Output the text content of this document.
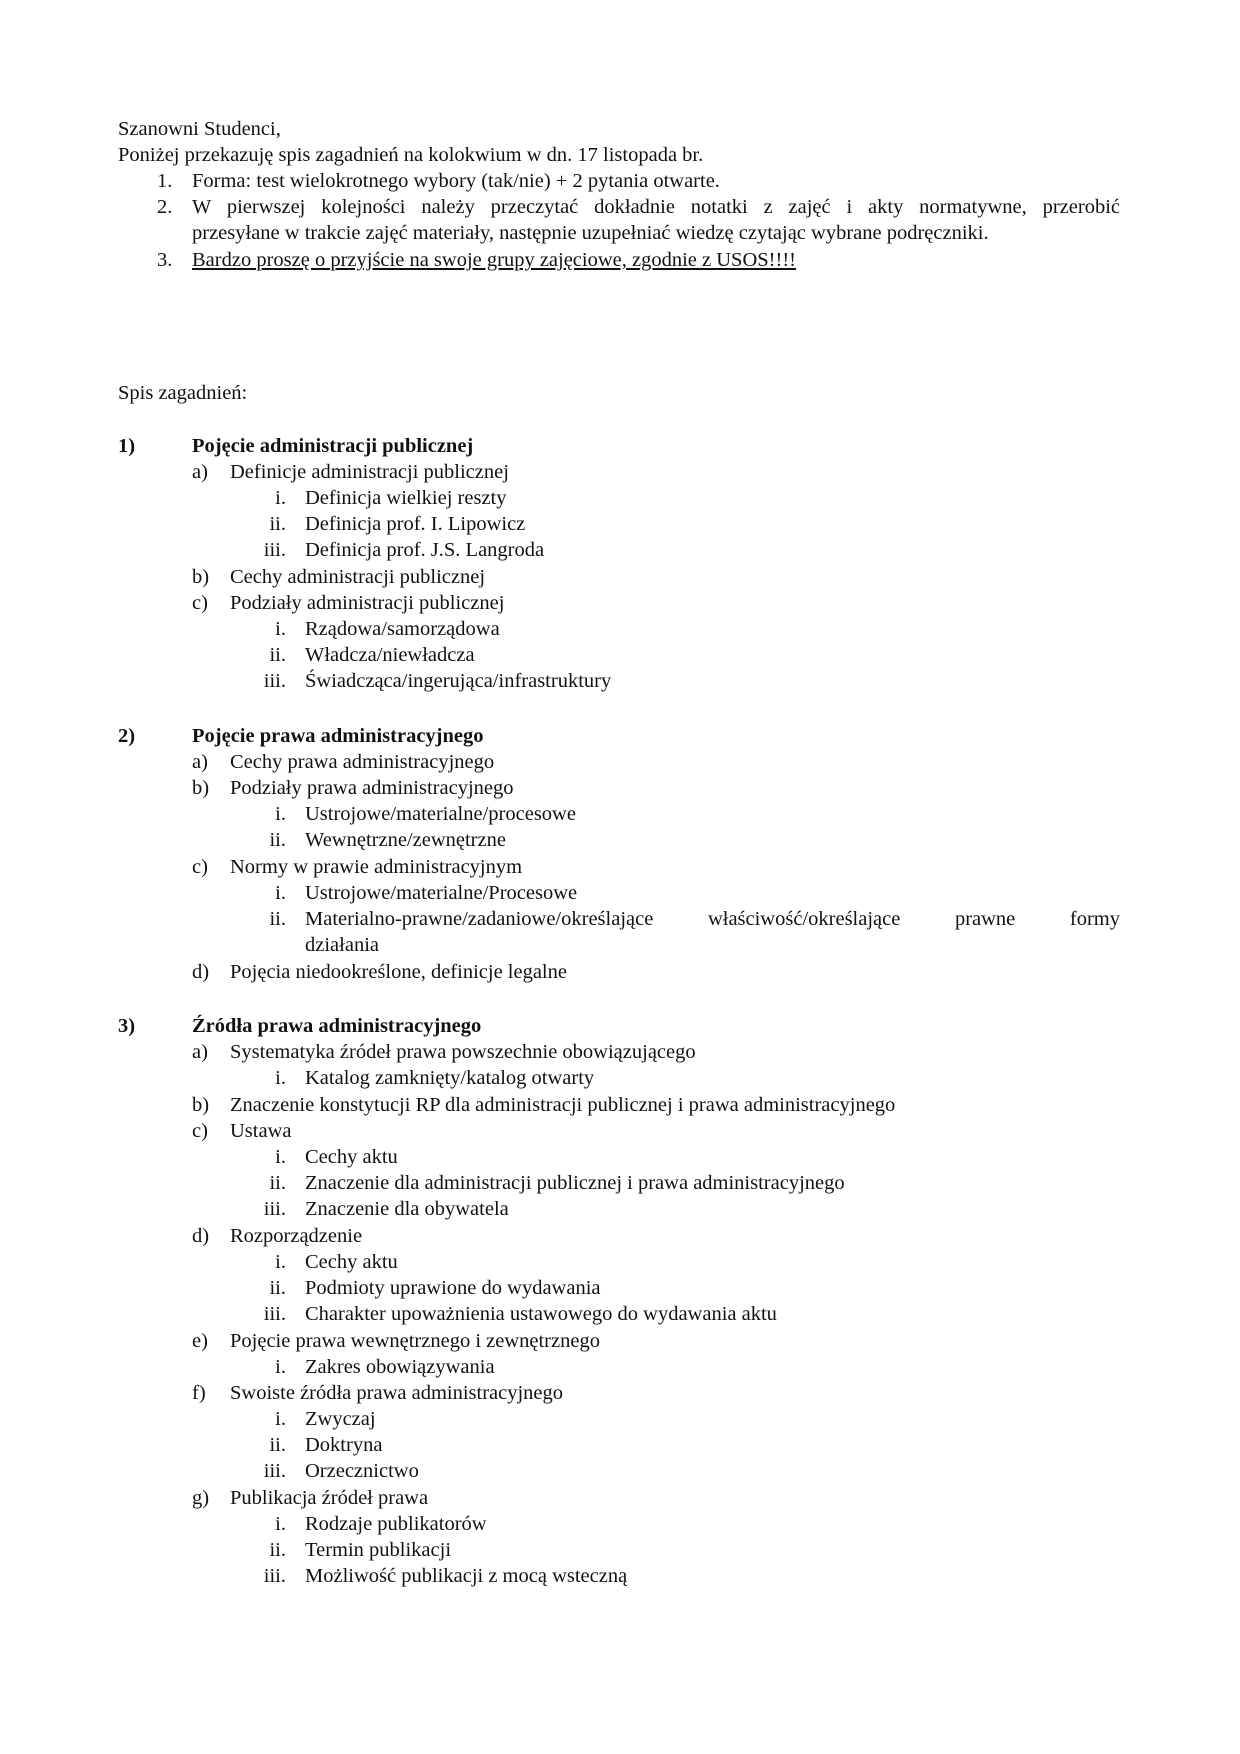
Szanowni Studenci,
Poniżej przekazuję spis zagadnień na kolokwium w dn. 17 listopada br.
1. Forma: test wielokrotnego wybory (tak/nie) + 2 pytania otwarte.
2. W pierwszej kolejności należy przeczytać dokładnie notatki z zajęć i akty normatywne, przerobić
przesyłane w trakcie zajęć materiały, następnie uzupełniać wiedzę czytając wybrane podręczniki.
3. Bardzo proszę o przyjście na swoje grupy zajęciowe, zgodnie z USOS!!!!
Spis zagadnień:
1)	Pojęcie administracji publicznej
a) Definicje administracji publicznej
i. Definicja wielkiej reszty
ii. Definicja prof. I. Lipowicz
iii. Definicja prof. J.S. Langroda
b) Cechy administracji publicznej
c) Podziały administracji publicznej
i. Rządowa/samorządowa
ii. Władcza/niewładcza
iii. Świadcząca/ingerująca/infrastruktury
2)	Pojęcie prawa administracyjnego
a) Cechy prawa administracyjnego
b) Podziały prawa administracyjnego
i. Ustrojowe/materialne/procesowe
ii. Wewnętrzne/zewnętrzne
c) Normy w prawie administracyjnym
i. Ustrojowe/materialne/Procesowe
ii. Materialno-prawne/zadaniowe/określające właściwość/określające prawne formy
działania
d) Pojęcia niedookreślone, definicje legalne
3)	Źródła prawa administracyjnego
a) Systematyka źródeł prawa powszechnie obowiązującego
i. Katalog zamknięty/katalog otwarty
b) Znaczenie konstytucji RP dla administracji publicznej i prawa administracyjnego
c) Ustawa
i. Cechy aktu
ii. Znaczenie dla administracji publicznej i prawa administracyjnego
iii. Znaczenie dla obywatela
d) Rozporządzenie
i. Cechy aktu
ii. Podmioty uprawione do wydawania
iii. Charakter upoważnienia ustawowego do wydawania aktu
e) Pojęcie prawa wewnętrznego i zewnętrznego
i. Zakres obowiązywania
f) Swoiste źródła prawa administracyjnego
i. Zwyczaj
ii. Doktryna
iii. Orzecznictwo
g) Publikacja źródeł prawa
i. Rodzaje publikatorów
ii. Termin publikacji
iii. Możliwość publikacji z mocą wsteczną
